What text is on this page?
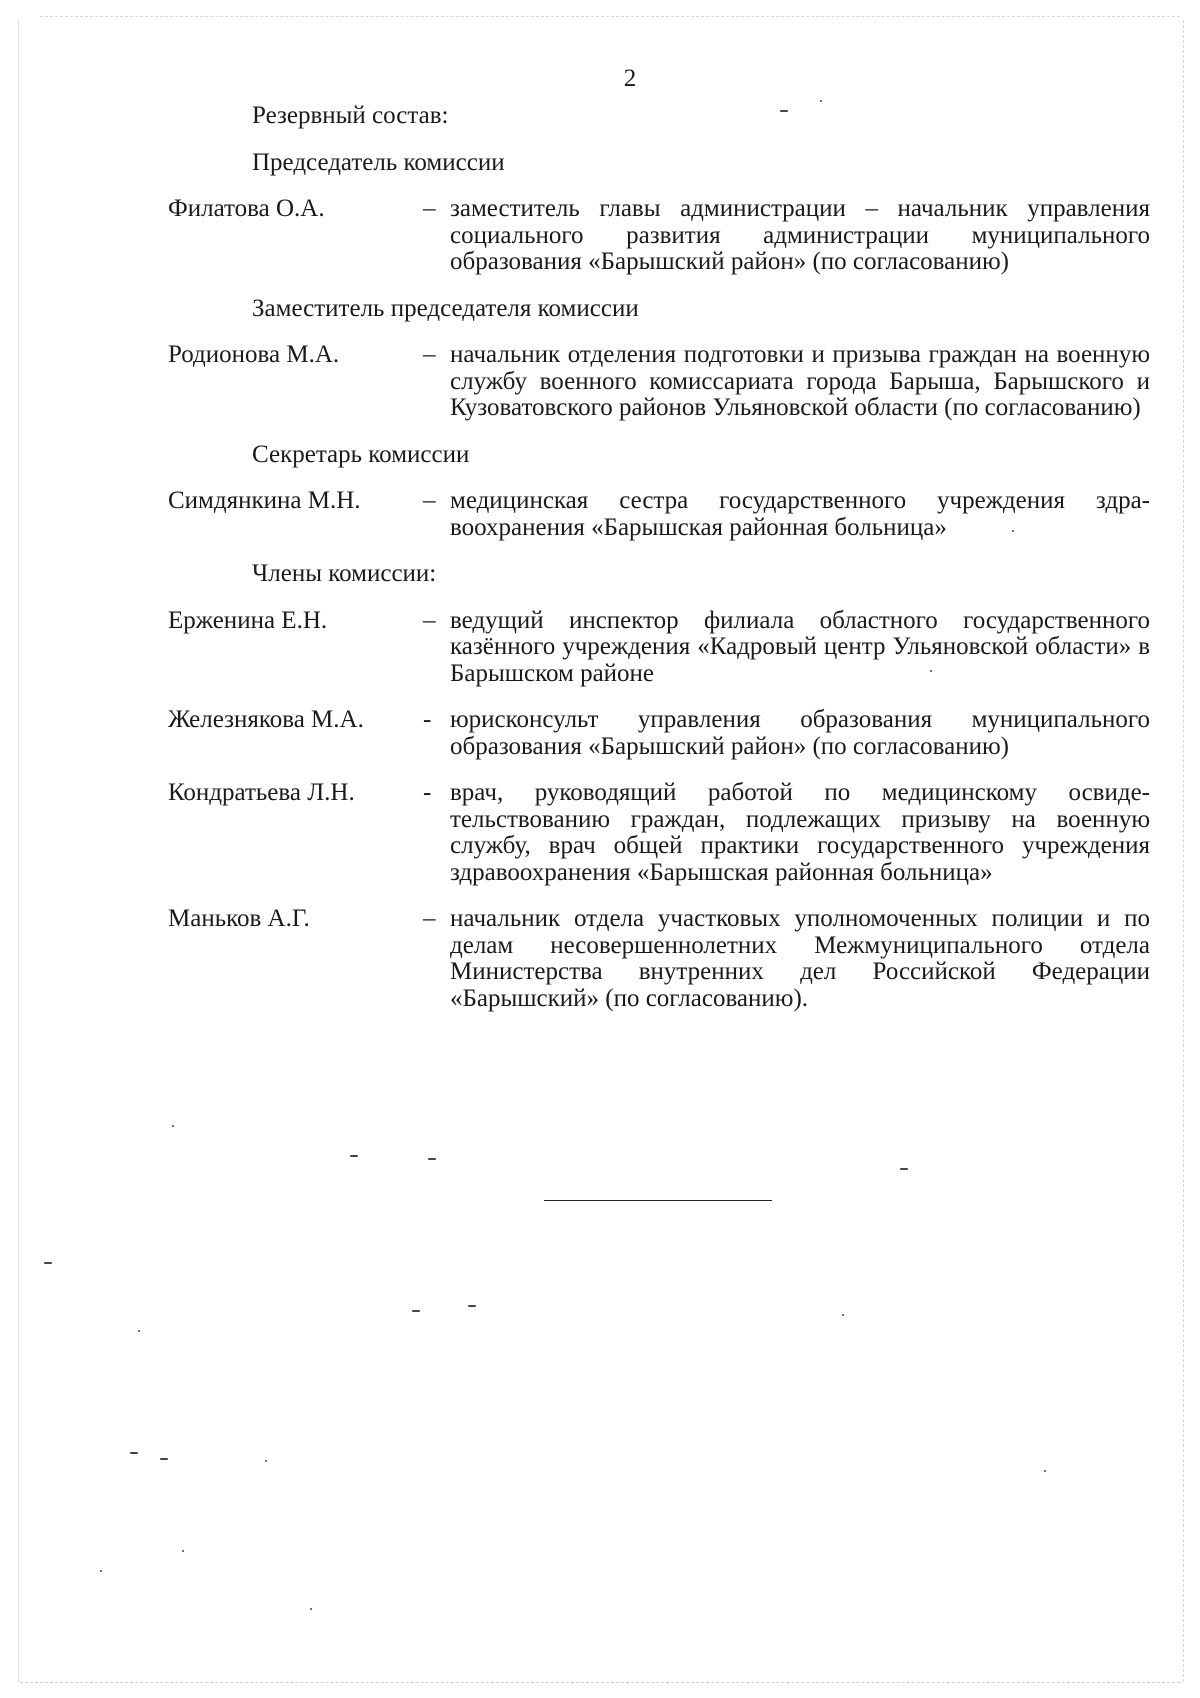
2
Резервный состав:
Председатель комиссии
Филатова О.А.	– заместитель главы администрации – начальник управления социального развития администрации муниципального образования «Барышский район» (по согласованию)
Заместитель председателя комиссии
Родионова М.А.	– начальник отделения подготовки и призыва граждан на военную службу военного комиссариата города Барыша, Барышского и Кузоватовского районов Ульяновской области (по согласованию)
Секретарь комиссии
Симдянкина М.Н.	– медицинская сестра государственного учреждения здравоохранения «Барышская районная больница»
Члены комиссии:
Ерженина Е.Н.	– ведущий инспектор филиала областного государственного казённого учреждения «Кадровый центр Ульяновской области» в Барышском районе
Железнякова М.А.	- юрисконсульт управления образования муниципального образования «Барышский район» (по согласованию)
Кондратьева Л.Н.	- врач, руководящий работой по медицинскому освидетельствованию граждан, подлежащих призыву на военную службу, врач общей практики государственного учреждения здравоохранения «Барышская районная больница»
Маньков А.Г.	– начальник отдела участковых уполномоченных полиции и по делам несовершеннолетних Межмуниципального отдела Министерства внутренних дел Российской Федерации «Барышский» (по согласованию).
